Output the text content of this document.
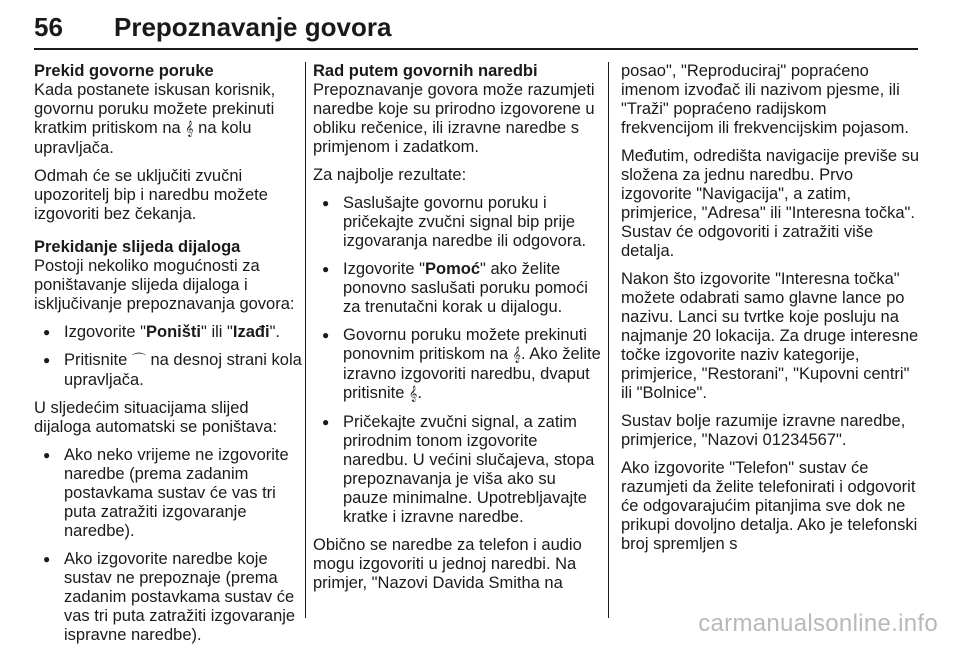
56 Prepoznavanje govora

Prekid govorne poruke

Kada postanete iskusan korisnik, govornu poruku možete prekinuti kratkim pritiskom na 𝄞 na kolu upravljača.

Odmah će se uključiti zvučni upozoritelj bip i naredbu možete izgovoriti bez čekanja.

Prekidanje slijeda dijaloga

Postoji nekoliko mogućnosti za poništavanje slijeda dijaloga i isključivanje prepoznavanja govora:

● Izgovorite "Poništi" ili "Izađi".
● Pritisnite ⌒ na desnoj strani kola upravljača.

U sljedećim situacijama slijed dijaloga automatski se poništava:

● Ako neko vrijeme ne izgovorite naredbe (prema zadanim postavkama sustav će vas tri puta zatražiti izgovaranje naredbe).
● Ako izgovorite naredbe koje sustav ne prepoznaje (prema zadanim postavkama sustav će vas tri puta zatražiti izgovaranje ispravne naredbe).

Rad putem govornih naredbi

Prepoznavanje govora može razumjeti naredbe koje su prirodno izgovorene u obliku rečenice, ili izravne naredbe s primjenom i zadatkom.

Za najbolje rezultate:

● Saslušajte govornu poruku i pričekajte zvučni signal bip prije izgovaranja naredbe ili odgovora.
● Izgovorite "Pomoć" ako želite ponovno saslušati poruku pomoći za trenutačni korak u dijalogu.
● Govornu poruku možete prekinuti ponovnim pritiskom na 𝄞. Ako želite izravno izgovoriti naredbu, dvaput pritisnite 𝄞.
● Pričekajte zvučni signal, a zatim prirodnim tonom izgovorite naredbu. U većini slučajeva, stopa prepoznavanja je viša ako su pauze minimalne. Upotrebljavajte kratke i izravne naredbe.

Obično se naredbe za telefon i audio mogu izgovoriti u jednoj naredbi. Na primjer, "Nazovi Davida Smitha na

posao", "Reproduciraj" popraćeno imenom izvođač ili nazivom pjesme, ili "Traži" popraćeno radijskom frekvencijom ili frekvencijskim pojasom.

Međutim, odredišta navigacije previše su složena za jednu naredbu. Prvo izgovorite "Navigacija", a zatim, primjerice, "Adresa" ili "Interesna točka". Sustav će odgovoriti i zatražiti više detalja.

Nakon što izgovorite "Interesna točka" možete odabrati samo glavne lance po nazivu. Lanci su tvrtke koje posluju na najmanje 20 lokacija. Za druge interesne točke izgovorite naziv kategorije, primjerice, "Restorani", "Kupovni centri" ili "Bolnice".

Sustav bolje razumije izravne naredbe, primjerice, "Nazovi 01234567".

Ako izgovorite "Telefon" sustav će razumjeti da želite telefonirati i odgovorit će odgovarajućim pitanjima sve dok ne prikupi dovoljno detalja. Ako je telefonski broj spremljen s

carmanualsonline.info
